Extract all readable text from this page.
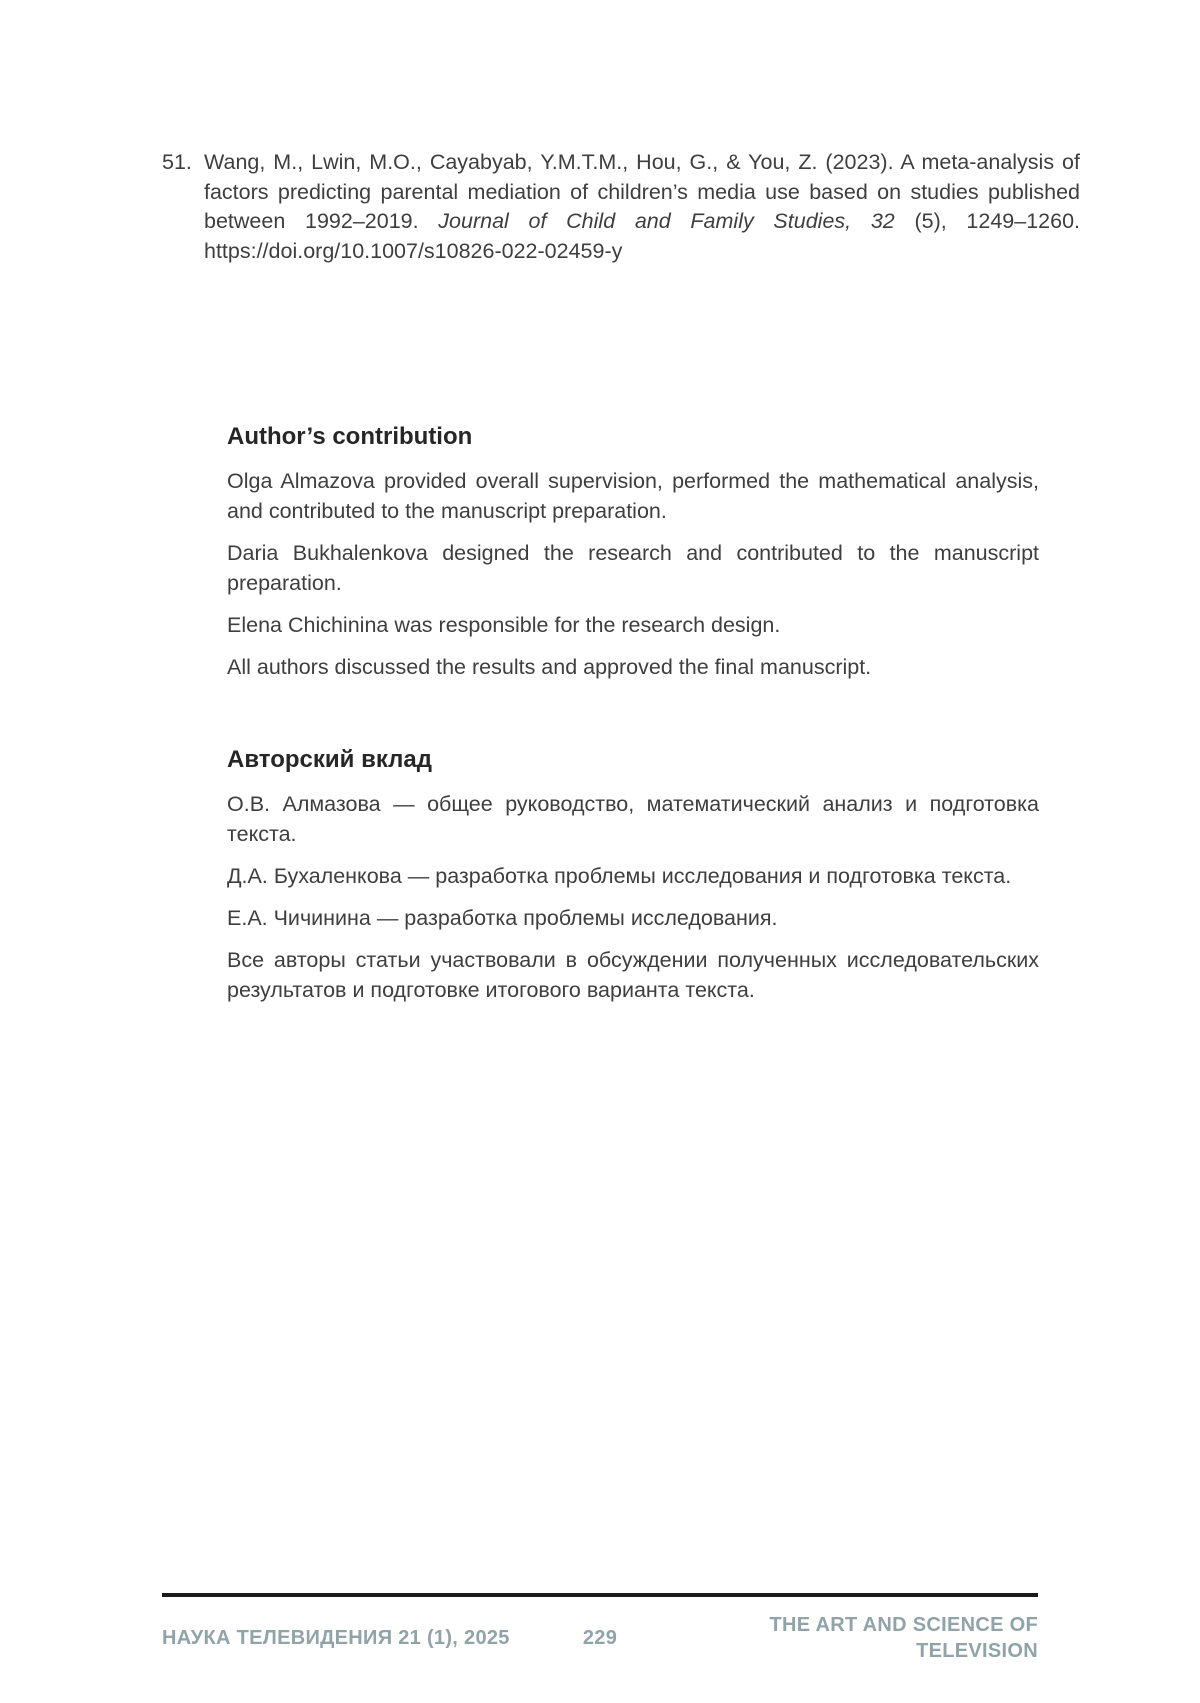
51. Wang, M., Lwin, M.O., Cayabyab, Y.M.T.M., Hou, G., & You, Z. (2023). A meta-analysis of factors predicting parental mediation of children’s media use based on studies published between 1992–2019. Journal of Child and Family Studies, 32 (5), 1249–1260. https://doi.org/10.1007/s10826-022-02459-y
Author’s contribution

Olga Almazova provided overall supervision, performed the mathematical analysis, and contributed to the manuscript preparation.

Daria Bukhalenkova designed the research and contributed to the manuscript preparation.

Elena Chichinina was responsible for the research design.

All authors discussed the results and approved the final manuscript.

Авторский вклад

О.В. Алмазова — общее руководство, математический анализ и подготовка текста.

Д.А. Бухаленкова — разработка проблемы исследования и подготовка текста.

Е.А. Чичинина — разработка проблемы исследования.

Все авторы статьи участвовали в обсуждении полученных исследовательских результатов и подготовке итогового варианта текста.

НАУКА ТЕЛЕВИДЕНИЯ 21 (1), 2025	229
THE ART AND SCIENCE OF TELEVISION
